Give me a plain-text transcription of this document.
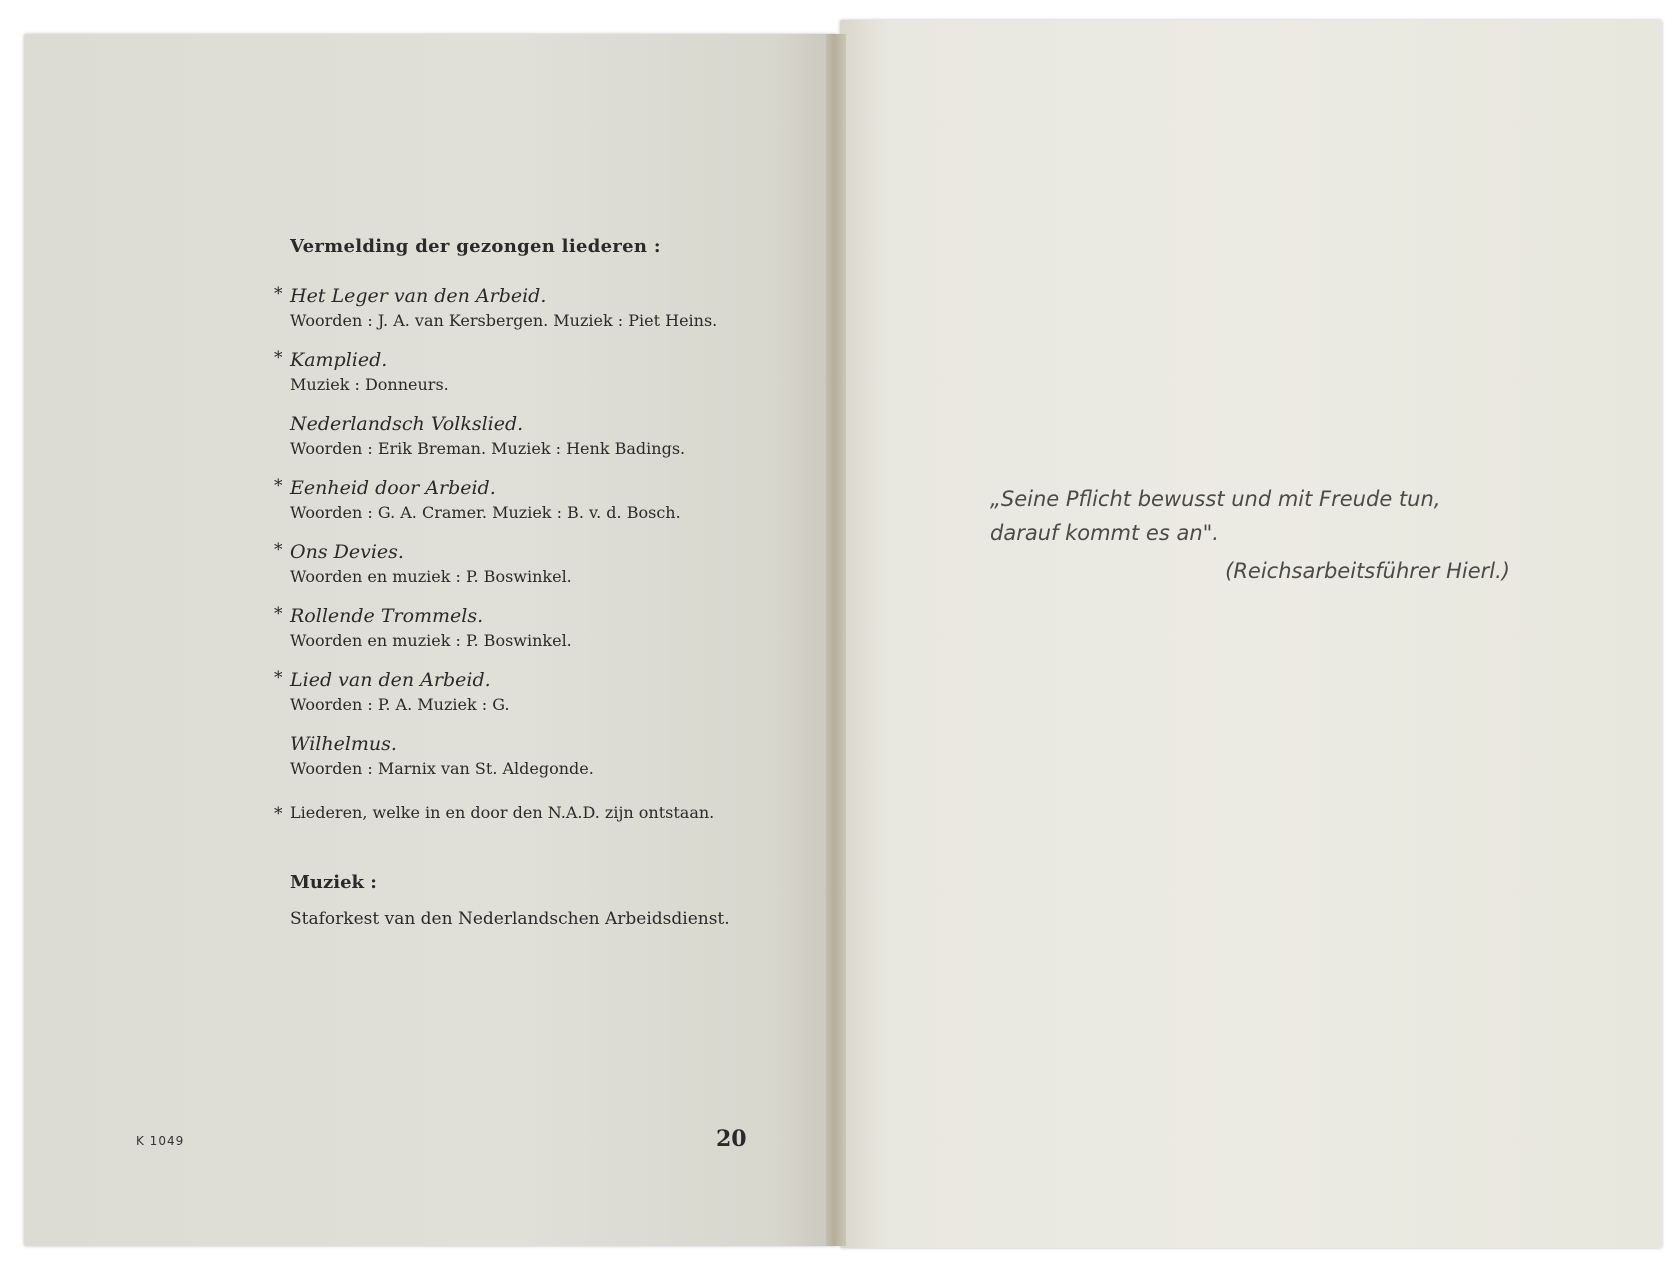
Vermelding der gezongen liederen :
* Het Leger van den Arbeid.
Woorden : J. A. van Kersbergen. Muziek : Piet Heins.
* Kamplied.
Muziek : Donneurs.
Nederlandsch Volkslied.
Woorden : Erik Breman. Muziek : Henk Badings.
* Eenheid door Arbeid.
Woorden : G. A. Cramer. Muziek : B. v. d. Bosch.
* Ons Devies.
Woorden en muziek : P. Boswinkel.
* Rollende Trommels.
Woorden en muziek : P. Boswinkel.
* Lied van den Arbeid.
Woorden : P. A. Muziek : G.
Wilhelmus.
Woorden : Marnix van St. Aldegonde.
* Liederen, welke in en door den N.A.D. zijn ontstaan.
Muziek :
Staforkest van den Nederlandschen Arbeidsdienst.
K 1049	20
„Seine Pflicht bewusst und mit Freude tun,
darauf kommt es an".
(Reichsarbeitsführer Hierl.)
